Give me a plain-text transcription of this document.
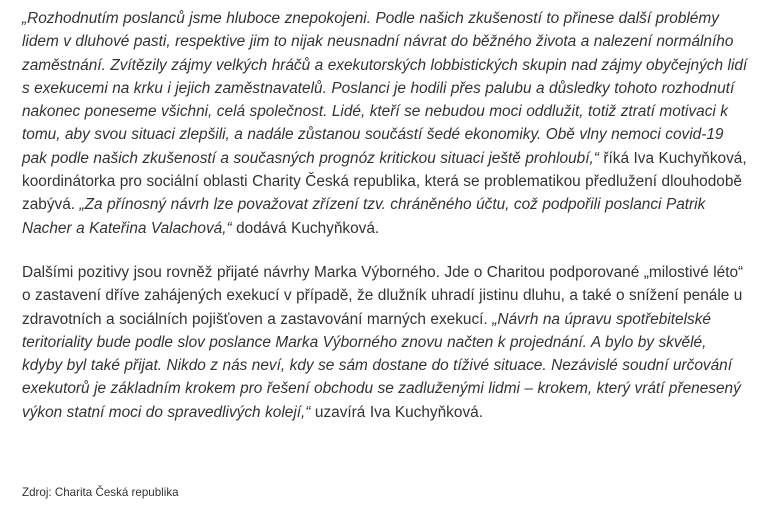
„Rozhodnutím poslanců jsme hluboce znepokojeni. Podle našich zkušeností to přinese další problémy lidem v dluhové pasti, respektive jim to nijak neusnadní návrat do běžného života a nalezení normálního zaměstnání. Zvítězily zájmy velkých hráčů a exekutorských lobbistických skupin nad zájmy obyčejných lidí s exekucemi na krku i jejich zaměstnavatelů. Poslanci je hodili přes palubu a důsledky tohoto rozhodnutí nakonec poneseme všichni, celá společnost. Lidé, kteří se nebudou moci oddlužit, totiž ztratí motivaci k tomu, aby svou situaci zlepšili, a nadále zůstanou součástí šedé ekonomiky. Obě vlny nemoci covid-19 pak podle našich zkušeností a současných prognóz kritickou situaci ještě prohloubí,“ říká Iva Kuchyňková, koordinátorka pro sociální oblasti Charity Česká republika, která se problematikou předlužení dlouhodobě zabývá. „Za přínosný návrh lze považovat zřízení tzv. chráněného účtu, což podpořili poslanci Patrik Nacher a Kateřina Valachová,“ dodává Kuchyňková.

Dalšími pozitivy jsou rovněž přijaté návrhy Marka Výborného. Jde o Charitou podporované „milostivé léto“ o zastavení dříve zahájených exekucí v případě, že dlužník uhradí jistinu dluhu, a také o snížení penále u zdravotních a sociálních pojišťoven a zastavování marných exekucí. „Návrh na úpravu spotřebitelské teritoriality bude podle slov poslance Marka Výborného znovu načten k projednání. A bylo by skvělé, kdyby byl také přijat. Nikdo z nás neví, kdy se sám dostane do tíživé situace. Nezávislé soudní určování exekutorů je základním krokem pro řešení obchodu se zadluženými lidmi – krokem, který vrátí přenesený výkon statní moci do spravedlivých kolejí,“ uzavírá Iva Kuchyňková.

Zdroj: Charita Česká republika
